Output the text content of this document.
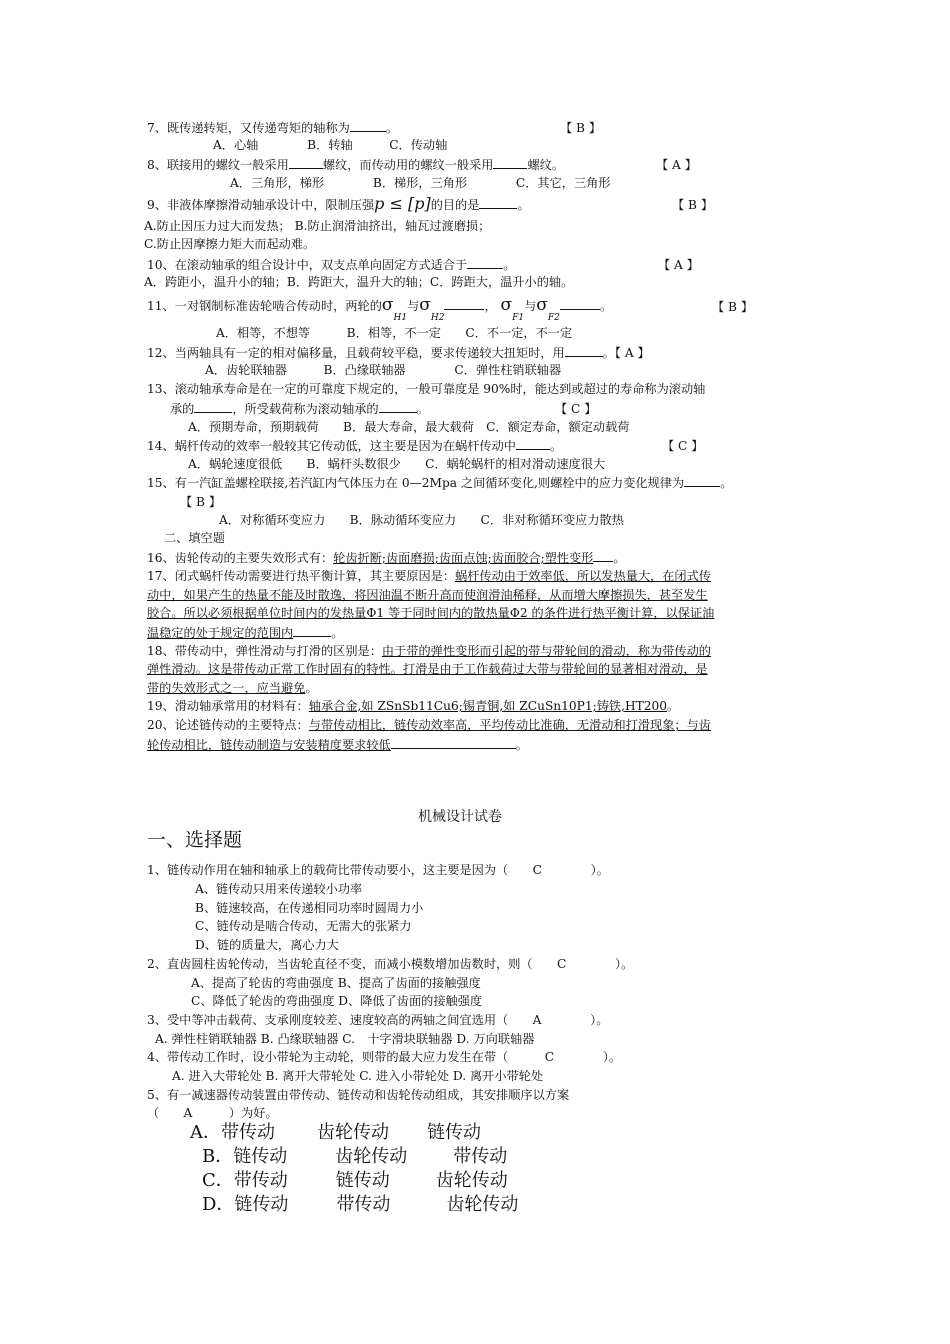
7、既传递转矩，又传递弯矩的轴称为	。	【 B 】
A．心轴　　　　B．转轴　　　C．传动轴
8、联接用的螺纹一般采用	螺纹，而传动用的螺纹一般采用	螺纹。	【 A 】
A．三角形，梯形　　　　B．梯形，三角形　　　　C．其它，三角形
9、非液体摩擦滑动轴承设计中，限制压强p ≤ [p]的目的是	。	【 B 】
A.防止因压力过大而发热； B.防止润滑油挤出，轴瓦过渡磨损；
C.防止因摩擦力矩大而起动难。
10、在滚动轴承的组合设计中，双支点单向固定方式适合于	。	【 A 】
A．跨距小，温升小的轴；B．跨距大，温升大的轴；C．跨距大，温升小的轴。
11、一对钢制标准齿轮啮合传动时，两轮的$\sigma_{H1}$与$\sigma_{H2}$， $\sigma_{F1}$与$\sigma_{F2}$。	【 B 】
A．相等，不想等　　　B．相等，不一定　　C．不一定，不一定
12、当两轴具有一定的相对偏移量，且载荷较平稳，要求传递较大扭矩时，用	。【 A 】
A．齿轮联轴器　　　B．凸缘联轴器　　　　C．弹性柱销联轴器
13、滚动轴承寿命是在一定的可靠度下规定的，一般可靠度是 90%时，能达到或超过的寿命称为滚动轴
承的	，所受载荷称为滚动轴承的	。	【 C 】
A．预期寿命，预期载荷　　B．最大寿命，最大载荷　C．额定寿命，额定动载荷
14、蜗杆传动的效率一般较其它传动低，这主要是因为在蜗杆传动中	。	【 C 】
A．蜗轮速度很低　　B．蜗杆头数很少　　C．蜗轮蜗杆的相对滑动速度很大
15、有一汽缸盖螺栓联接,若汽缸内气体压力在 0—2Mpa 之间循环变化,则螺栓中的应力变化规律为	。
【 B 】
A．对称循环变应力　　B．脉动循环变应力　　C．非对称循环变应力散热
二、填空题
16、齿轮传动的主要失效形式有：轮齿折断;齿面磨损;齿面点蚀;齿面胶合;塑性变形 。
17、闭式蜗杆传动需要进行热平衡计算，其主要原因是：蜗杆传动由于效率低，所以发热量大，在闭式传
动中，如果产生的热量不能及时散逸，将因油温不断升高而使润滑油稀释，从而增大摩擦损失，甚至发生
胶合。所以必须根据单位时间内的发热量Φ1 等于同时间内的散热量Φ2 的条件进行热平衡计算，以保证油
温稳定的处于规定的范围内	。
18、带传动中，弹性滑动与打滑的区别是：由于带的弹性变形而引起的带与带轮间的滑动，称为带传动的
弹性滑动。这是带传动正常工作时固有的特性。打滑是由于工作载荷过大带与带轮间的显著相对滑动，是
带的失效形式之一，应当避免。
19、滑动轴承常用的材料有：轴承合金,如 ZSnSb11Cu6;锡青铜,如 ZCuSn10P1;铸铁,HT200。
20、论述链传动的主要特点：与带传动相比，链传动效率高，平均传动比准确，无滑动和打滑现象；与齿
轮传动相比，链传动制造与安装精度要求较低	。
机械设计试卷
一、选择题
1、链传动作用在轴和轴承上的载荷比带传动要小，这主要是因为（　　C　　　　）。
A、链传动只用来传递较小功率
B、链速较高，在传递相同功率时圆周力小
C、链传动是啮合传动，无需大的张紧力
D、链的质量大，离心力大
2、直齿圆柱齿轮传动，当齿轮直径不变，而减小模数增加齿数时，则（　　C　　　　）。
A、提高了轮齿的弯曲强度 B、提高了齿面的接触强度
C、降低了轮齿的弯曲强度 D、降低了齿面的接触强度
3、受中等冲击载荷、支承刚度较差、速度较高的两轴之间宜选用（　　A　　　　）。
A. 弹性柱销联轴器 B. 凸缘联轴器 C.　十字滑块联轴器 D. 万向联轴器
4、带传动工作时，设小带轮为主动轮，则带的最大应力发生在带（　　　C　　　　）。
A. 进入大带轮处 B. 离开大带轮处 C. 进入小带轮处 D. 离开小带轮处
5、有一减速器传动装置由带传动、链传动和齿轮传动组成，其安排顺序以方案
（　　A　　　）为好。
A．带传动 齿轮传动 链传动
B．链传动	齿轮传动	带传动
C．带传动	链传动	齿轮传动
D．链传动	带传动	齿轮传动
